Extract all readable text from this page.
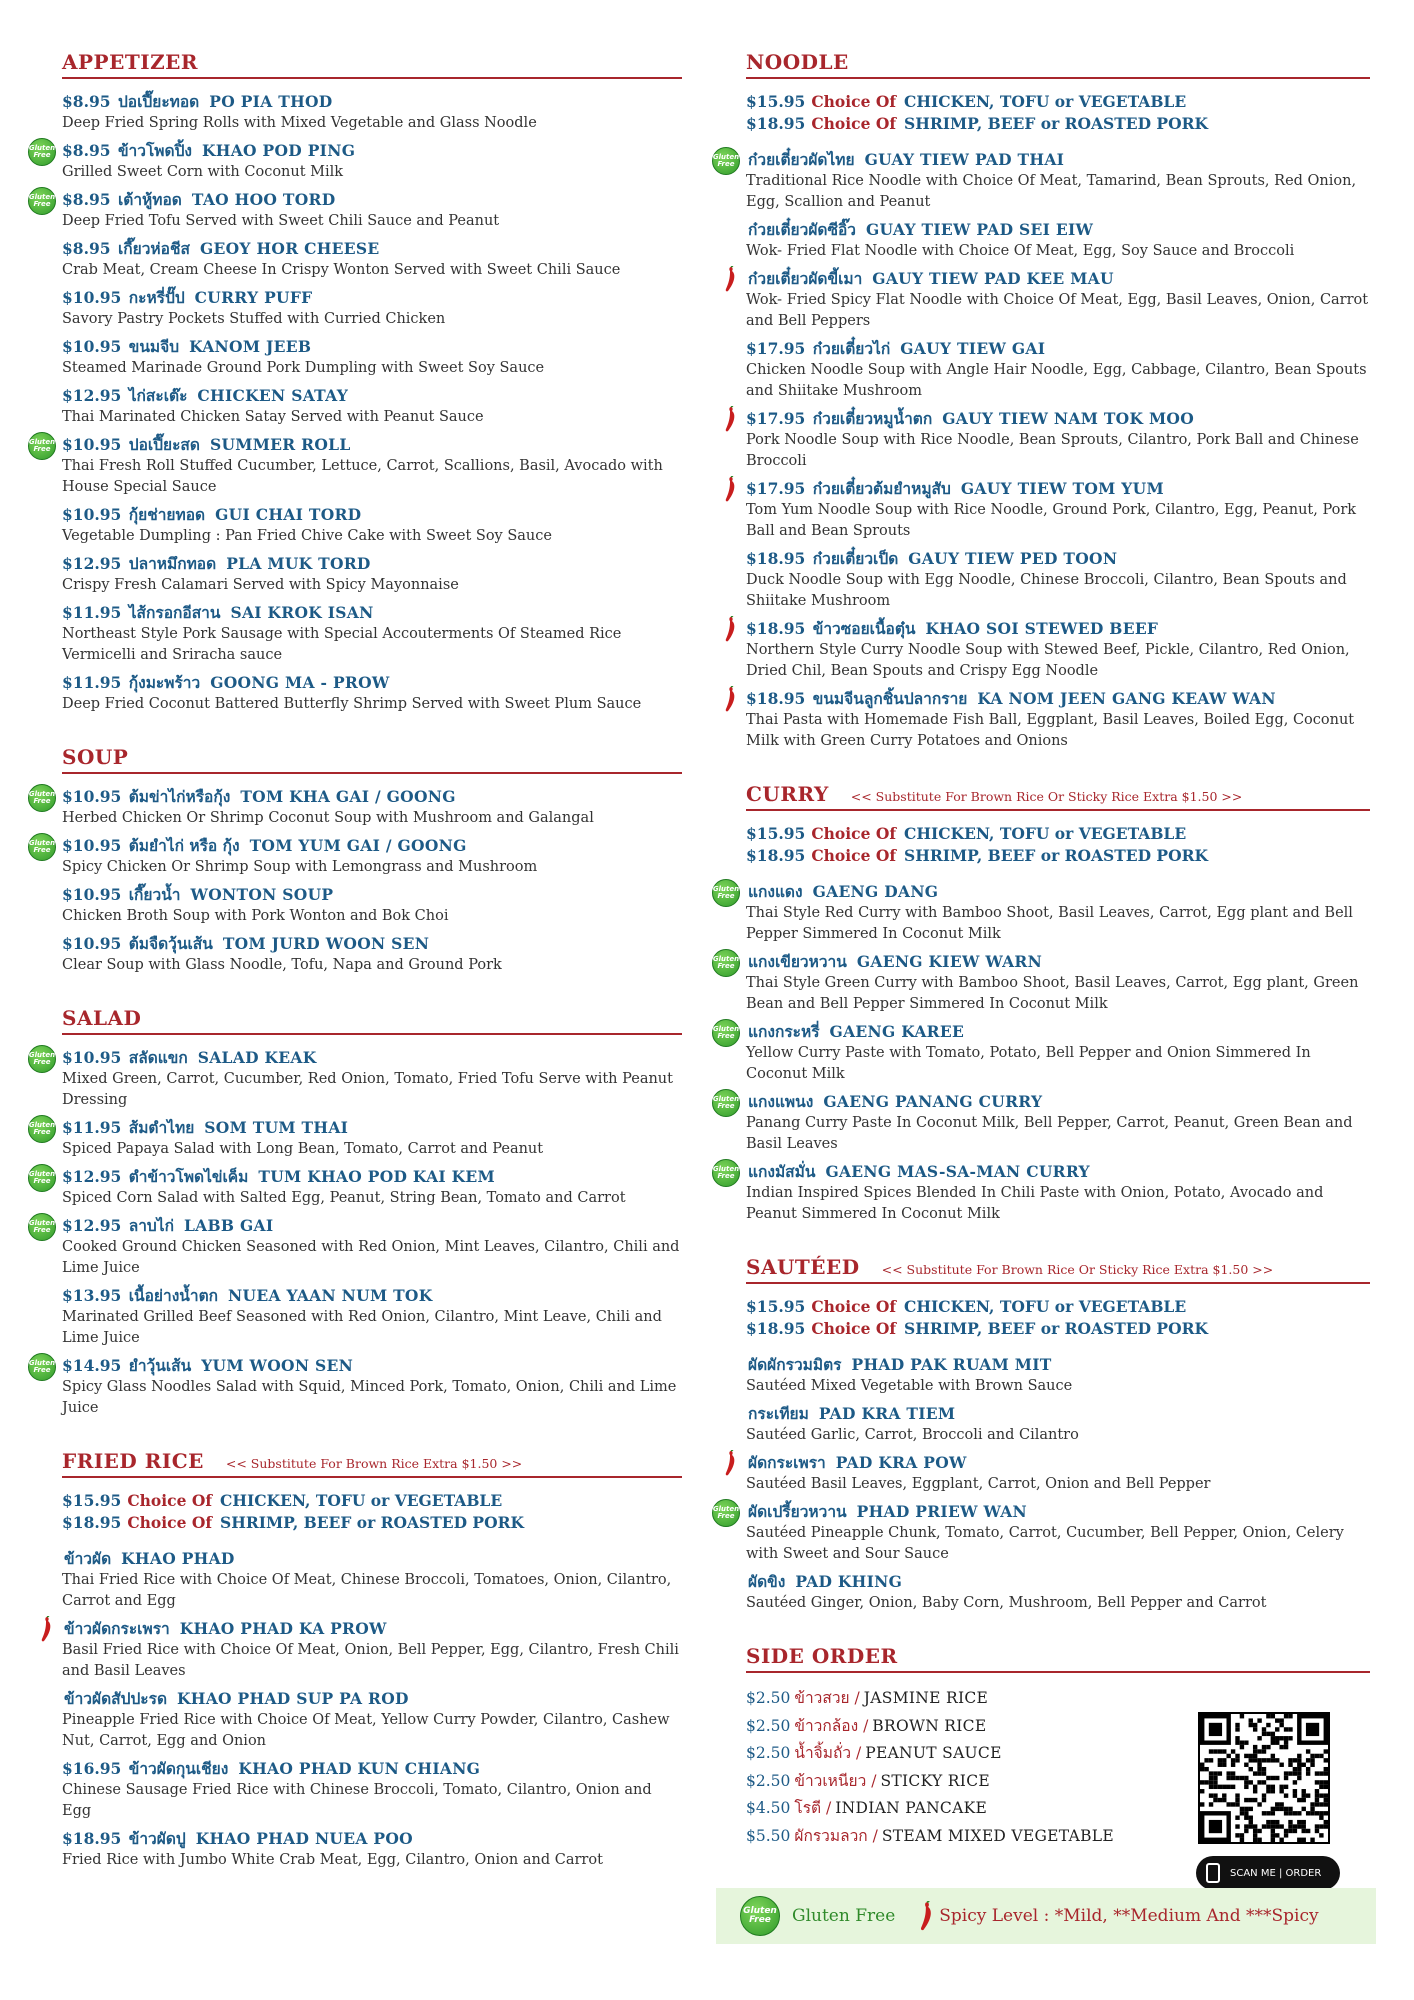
APPETIZER
$8.95 ปอเปี๊ยะทอด PO PIA THOD
Deep Fried Spring Rolls with Mixed Vegetable and Glass Noodle
Gluten Free $8.95 ข้าวโพดปิ้ง KHAO POD PING
Grilled Sweet Corn with Coconut Milk
Gluten Free $8.95 เต้าหู้ทอด TAO HOO TORD
Deep Fried Tofu Served with Sweet Chili Sauce and Peanut
$8.95 เกี๊ยวห่อชีส GEOY HOR CHEESE
Crab Meat, Cream Cheese In Crispy Wonton Served with Sweet Chili Sauce
$10.95 กะหรี่ปั๊ป CURRY PUFF
Savory Pastry Pockets Stuffed with Curried Chicken
$10.95 ขนมจีบ KANOM JEEB
Steamed Marinade Ground Pork Dumpling with Sweet Soy Sauce
$12.95 ไก่สะเต๊ะ CHICKEN SATAY
Thai Marinated Chicken Satay Served with Peanut Sauce
Gluten Free $10.95 ปอเปี๊ยะสด SUMMER ROLL
Thai Fresh Roll Stuffed Cucumber, Lettuce, Carrot, Scallions, Basil, Avocado with House Special Sauce
$10.95 กุ้ยช่ายทอด GUI CHAI TORD
Vegetable Dumpling : Pan Fried Chive Cake with Sweet Soy Sauce
$12.95 ปลาหมึกทอด PLA MUK TORD
Crispy Fresh Calamari Served with Spicy Mayonnaise
$11.95 ไส้กรอกอีสาน SAI KROK ISAN
Northeast Style Pork Sausage with Special Accouterments Of Steamed Rice Vermicelli and Sriracha sauce
$11.95 กุ้งมะพร้าว GOONG MA - PROW
Deep Fried Coconut Battered Butterfly Shrimp Served with Sweet Plum Sauce
SOUP
Gluten Free $10.95 ต้มข่าไก่หรือกุ้ง TOM KHA GAI / GOONG
Herbed Chicken Or Shrimp Coconut Soup with Mushroom and Galangal
Gluten Free $10.95 ต้มยำไก่ หรือ กุ้ง TOM YUM GAI / GOONG
Spicy Chicken Or Shrimp Soup with Lemongrass and Mushroom
$10.95 เกี๊ยวน้ำ WONTON SOUP
Chicken Broth Soup with Pork Wonton and Bok Choi
$10.95 ต้มจืดวุ้นเส้น TOM JURD WOON SEN
Clear Soup with Glass Noodle, Tofu, Napa and Ground Pork
SALAD
Gluten Free $10.95 สลัดแขก SALAD KEAK
Mixed Green, Carrot, Cucumber, Red Onion, Tomato, Fried Tofu Serve with Peanut Dressing
Gluten Free $11.95 ส้มตำไทย SOM TUM THAI
Spiced Papaya Salad with Long Bean, Tomato, Carrot and Peanut
Gluten Free $12.95 ตำข้าวโพดไข่เค็ม TUM KHAO POD KAI KEM
Spiced Corn Salad with Salted Egg, Peanut, String Bean, Tomato and Carrot
Gluten Free $12.95 ลาบไก่ LABB GAI
Cooked Ground Chicken Seasoned with Red Onion, Mint Leaves, Cilantro, Chili and Lime Juice
$13.95 เนื้อย่างน้ำตก NUEA YAAN NUM TOK
Marinated Grilled Beef Seasoned with Red Onion, Cilantro, Mint Leave, Chili and Lime Juice
Gluten Free $14.95 ยำวุ้นเส้น YUM WOON SEN
Spicy Glass Noodles Salad with Squid, Minced Pork, Tomato, Onion, Chili and Lime Juice
FRIED RICE << Substitute For Brown Rice Extra $1.50 >>
$15.95 Choice Of CHICKEN, TOFU or VEGETABLE
$18.95 Choice Of SHRIMP, BEEF or ROASTED PORK
ข้าวผัด KHAO PHAD
Thai Fried Rice with Choice Of Meat, Chinese Broccoli, Tomatoes, Onion, Cilantro, Carrot and Egg
ข้าวผัดกระเพรา KHAO PHAD KA PROW
Basil Fried Rice with Choice Of Meat, Onion, Bell Pepper, Egg, Cilantro, Fresh Chili and Basil Leaves
ข้าวผัดสัปปะรด KHAO PHAD SUP PA ROD
Pineapple Fried Rice with Choice Of Meat, Yellow Curry Powder, Cilantro, Cashew Nut, Carrot, Egg and Onion
$16.95 ข้าวผัดกุนเชียง KHAO PHAD KUN CHIANG
Chinese Sausage Fried Rice with Chinese Broccoli, Tomato, Cilantro, Onion and Egg
$18.95 ข้าวผัดปู KHAO PHAD NUEA POO
Fried Rice with Jumbo White Crab Meat, Egg, Cilantro, Onion and Carrot
NOODLE
$15.95 Choice Of CHICKEN, TOFU or VEGETABLE
$18.95 Choice Of SHRIMP, BEEF or ROASTED PORK
Gluten Free ก๋วยเตี๋ยวผัดไทย GUAY TIEW PAD THAI
Traditional Rice Noodle with Choice Of Meat, Tamarind, Bean Sprouts, Red Onion, Egg, Scallion and Peanut
ก๋วยเตี๋ยวผัดซีอิ๊ว GUAY TIEW PAD SEI EIW
Wok- Fried Flat Noodle with Choice Of Meat, Egg, Soy Sauce and Broccoli
ก๋วยเตี๋ยวผัดขี้เมา GAUY TIEW PAD KEE MAU
Wok- Fried Spicy Flat Noodle with Choice Of Meat, Egg, Basil Leaves, Onion, Carrot and Bell Peppers
$17.95 ก๋วยเตี๋ยวไก่ GAUY TIEW GAI
Chicken Noodle Soup with Angle Hair Noodle, Egg, Cabbage, Cilantro, Bean Spouts and Shiitake Mushroom
$17.95 ก๋วยเตี๋ยวหมูน้ำตก GAUY TIEW NAM TOK MOO
Pork Noodle Soup with Rice Noodle, Bean Sprouts, Cilantro, Pork Ball and Chinese Broccoli
$17.95 ก๋วยเตี๋ยวต้มยำหมูสับ GAUY TIEW TOM YUM
Tom Yum Noodle Soup with Rice Noodle, Ground Pork, Cilantro, Egg, Peanut, Pork Ball and Bean Sprouts
$18.95 ก๋วยเตี๋ยวเป็ด GAUY TIEW PED TOON
Duck Noodle Soup with Egg Noodle, Chinese Broccoli, Cilantro, Bean Spouts and Shiitake Mushroom
$18.95 ข้าวซอยเนื้อตุ๋น KHAO SOI STEWED BEEF
Northern Style Curry Noodle Soup with Stewed Beef, Pickle, Cilantro, Red Onion, Dried Chil, Bean Spouts and Crispy Egg Noodle
$18.95 ขนมจีนลูกชิ้นปลากราย KA NOM JEEN GANG KEAW WAN
Thai Pasta with Homemade Fish Ball, Eggplant, Basil Leaves, Boiled Egg, Coconut Milk with Green Curry Potatoes and Onions
CURRY << Substitute For Brown Rice Or Sticky Rice Extra $1.50 >>
$15.95 Choice Of CHICKEN, TOFU or VEGETABLE
$18.95 Choice Of SHRIMP, BEEF or ROASTED PORK
Gluten Free แกงแดง GAENG DANG
Thai Style Red Curry with Bamboo Shoot, Basil Leaves, Carrot, Egg plant and Bell Pepper Simmered In Coconut Milk
Gluten Free แกงเขียวหวาน GAENG KIEW WARN
Thai Style Green Curry with Bamboo Shoot, Basil Leaves, Carrot, Egg plant, Green Bean and Bell Pepper Simmered In Coconut Milk
Gluten Free แกงกระหรี่ GAENG KAREE
Yellow Curry Paste with Tomato, Potato, Bell Pepper and Onion Simmered In Coconut Milk
Gluten Free แกงแพนง GAENG PANANG CURRY
Panang Curry Paste In Coconut Milk, Bell Pepper, Carrot, Peanut, Green Bean and Basil Leaves
Gluten Free แกงมัสมั่น GAENG MAS-SA-MAN CURRY
Indian Inspired Spices Blended In Chili Paste with Onion, Potato, Avocado and Peanut Simmered In Coconut Milk
SAUTÉED << Substitute For Brown Rice Or Sticky Rice Extra $1.50 >>
$15.95 Choice Of CHICKEN, TOFU or VEGETABLE
$18.95 Choice Of SHRIMP, BEEF or ROASTED PORK
ผัดผักรวมมิตร PHAD PAK RUAM MIT
Sautéed Mixed Vegetable with Brown Sauce
กระเทียม PAD KRA TIEM
Sautéed Garlic, Carrot, Broccoli and Cilantro
ผัดกระเพรา PAD KRA POW
Sautéed Basil Leaves, Eggplant, Carrot, Onion and Bell Pepper
Gluten Free ผัดเปรี้ยวหวาน PHAD PRIEW WAN
Sautéed Pineapple Chunk, Tomato, Carrot, Cucumber, Bell Pepper, Onion, Celery with Sweet and Sour Sauce
ผัดขิง PAD KHING
Sautéed Ginger, Onion, Baby Corn, Mushroom, Bell Pepper and Carrot
SIDE ORDER
$2.50 ข้าวสวย / JASMINE RICE
$2.50 ข้าวกล้อง / BROWN RICE
$2.50 น้ำจิ้มถั่ว / PEANUT SAUCE
$2.50 ข้าวเหนียว / STICKY RICE
$4.50 โรตี / INDIAN PANCAKE
$5.50 ผักรวมลวก / STEAM MIXED VEGETABLE
SCAN ME | ORDER
Gluten Free	Gluten Free	Spicy Level : *Mild, **Medium And ***Spicy
